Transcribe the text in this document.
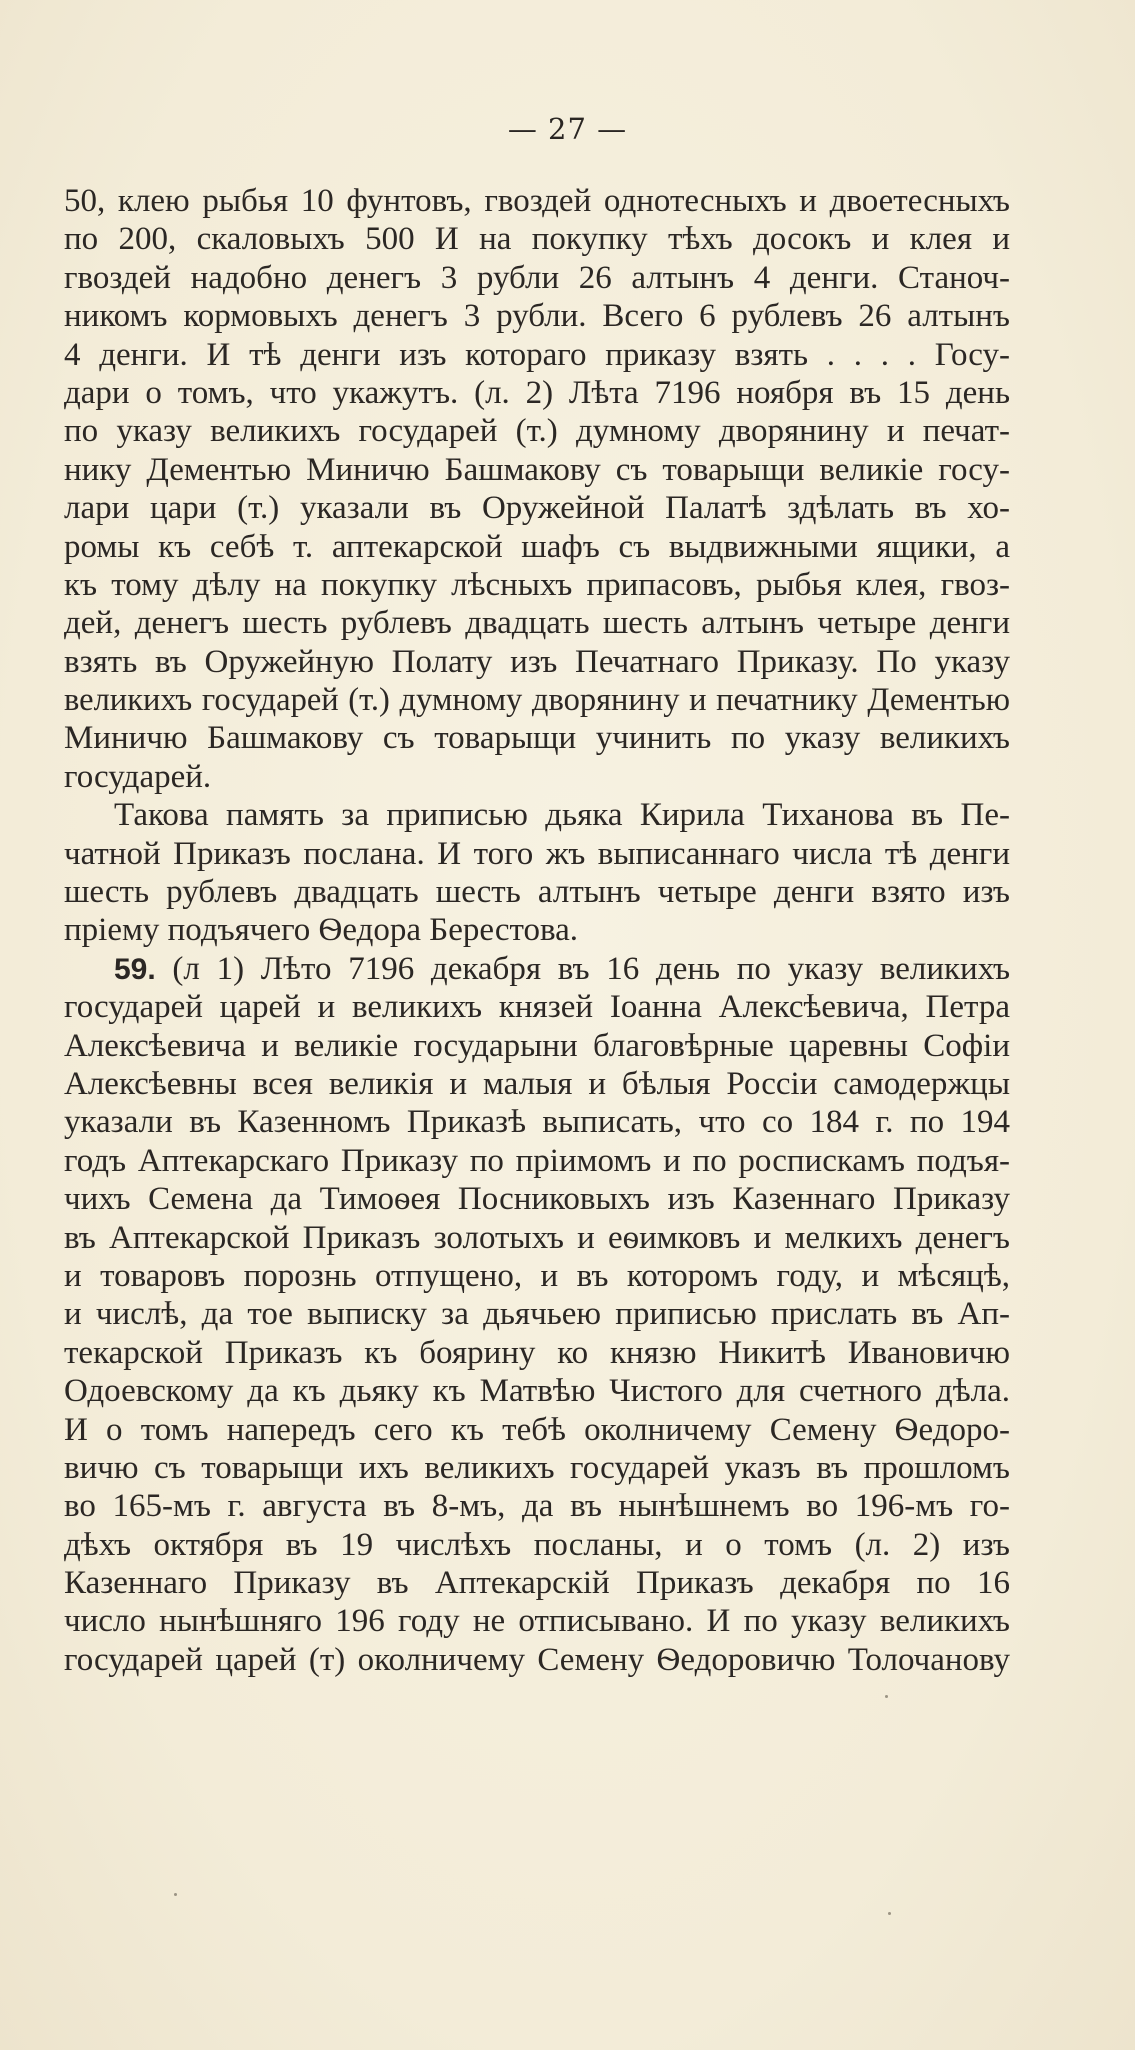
— 27 —
50, клею рыбья 10 фунтовъ, гвоздей однотесныхъ и двоетесныхъ
по 200, скаловыхъ 500 И на покупку тѣхъ досокъ и клея и
гвоздей надобно денегъ 3 рубли 26 алтынъ 4 денги. Станоч-
никомъ кормовыхъ денегъ 3 рубли. Всего 6 рублевъ 26 алтынъ
4 денги. И тѣ денги изъ котораго приказу взять . . . . Госу-
дари о томъ, что укажутъ. (л. 2) Лѣта 7196 ноября въ 15 день
по указу великихъ государей (т.) думному дворянину и печат-
нику Дементью Миничю Башмакову съ товарыщи великіе госу-
лари цари (т.) указали въ Оружейной Палатѣ здѣлать въ хо-
ромы къ себѣ т. аптекарской шафъ съ выдвижными ящики, а
къ тому дѣлу на покупку лѣсныхъ припасовъ, рыбья клея, гвоз-
дей, денегъ шесть рублевъ двадцать шесть алтынъ четыре денги
взять въ Оружейную Полату изъ Печатнаго Приказу. По указу
великихъ государей (т.) думному дворянину и печатнику Дементью
Миничю Башмакову съ товарыщи учинить по указу великихъ
государей.
Такова память за приписью дьяка Кирила Тиханова въ Пе-
чатной Приказъ послана. И того жъ выписаннаго числа тѣ денги
шесть рублевъ двадцать шесть алтынъ четыре денги взято изъ
пріему подъячего Ѳедора Берестова.
59. (л 1) Лѣто 7196 декабря въ 16 день по указу великихъ
государей царей и великихъ князей Іоанна Алексѣевича, Петра
Алексѣевича и великіе государыни благовѣрные царевны Софіи
Алексѣевны всея великія и малыя и бѣлыя Россіи самодержцы
указали въ Казенномъ Приказѣ выписать, что со 184 г. по 194
годъ Аптекарскаго Приказу по пріимомъ и по роспискамъ подъя-
чихъ Семена да Тимоѳея Посниковыхъ изъ Казеннаго Приказу
въ Аптекарской Приказъ золотыхъ и еѳимковъ и мелкихъ денегъ
и товаровъ порознь отпущено, и въ которомъ году, и мѣсяцѣ,
и числѣ, да тое выписку за дьячьею приписью прислать въ Ап-
текарской Приказъ къ боярину ко князю Никитѣ Ивановичю
Одоевскому да къ дьяку къ Матвѣю Чистого для счетного дѣла.
И о томъ напередъ сего къ тебѣ околничему Семену Ѳедоро-
вичю съ товарыщи ихъ великихъ государей указъ въ прошломъ
во 165-мъ г. августа въ 8-мъ, да въ нынѣшнемъ во 196-мъ го-
дѣхъ октября въ 19 числѣхъ посланы, и о томъ (л. 2) изъ
Казеннаго Приказу въ Аптекарскій Приказъ декабря по 16
число нынѣшняго 196 году не отписывано. И по указу великихъ
государей царей (т) околничему Семену Ѳедоровичю Толочанову
